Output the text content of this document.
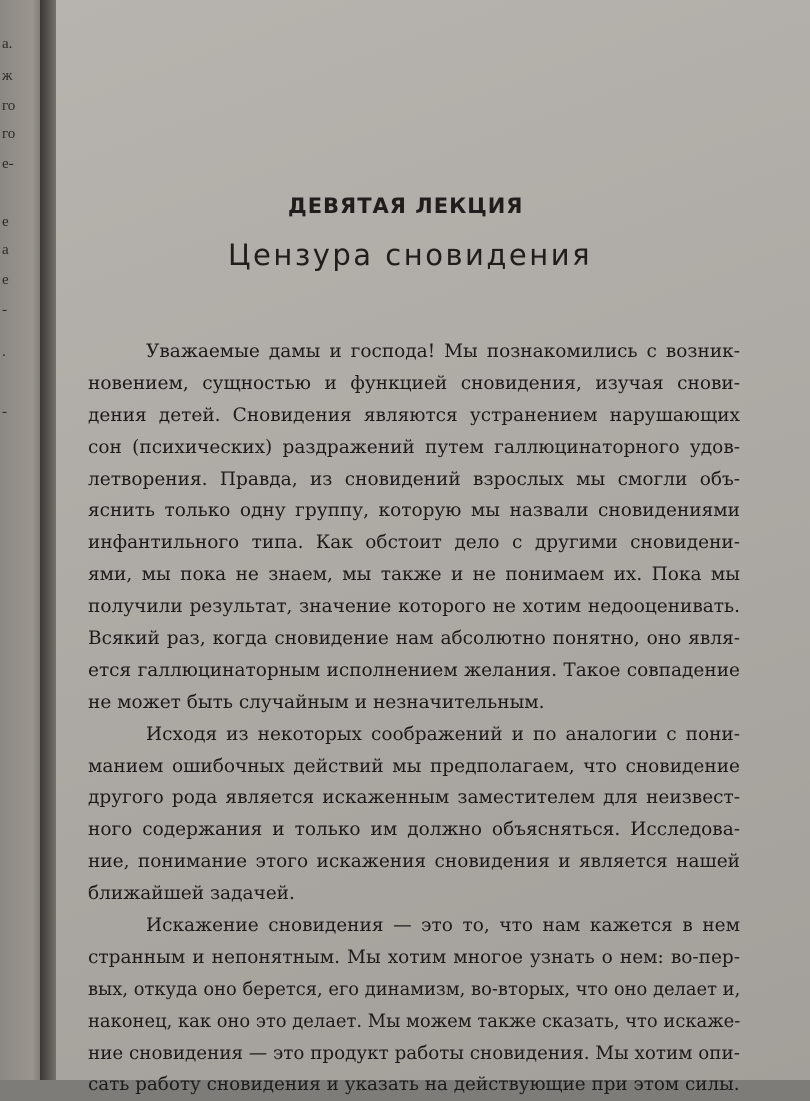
а.
ж
го
го
е-
е
а
е
-
.
-
ДЕВЯТАЯ ЛЕКЦИЯ
Цензура сновидения
Уважаемые дамы и господа! Мы познакомились с возник-
новением, сущностью и функцией сновидения, изучая снови-
дения детей. Сновидения являются устранением нарушающих
сон (психических) раздражений путем галлюцинаторного удов-
летворения. Правда, из сновидений взрослых мы смогли объ-
яснить только одну группу, которую мы назвали сновидениями
инфантильного типа. Как обстоит дело с другими сновидени-
ями, мы пока не знаем, мы также и не понимаем их. Пока мы
получили результат, значение которого не хотим недооценивать.
Всякий раз, когда сновидение нам абсолютно понятно, оно явля-
ется галлюцинаторным исполнением желания. Такое совпадение
не может быть случайным и незначительным.
Исходя из некоторых соображений и по аналогии с пони-
манием ошибочных действий мы предполагаем, что сновидение
другого рода является искаженным заместителем для неизвест-
ного содержания и только им должно объясняться. Исследова-
ние, понимание этого искажения сновидения и является нашей
ближайшей задачей.
Искажение сновидения — это то, что нам кажется в нем
странным и непонятным. Мы хотим многое узнать о нем: во-пер-
вых, откуда оно берется, его динамизм, во-вторых, что оно делает и,
наконец, как оно это делает. Мы можем также сказать, что искаже-
ние сновидения — это продукт работы сновидения. Мы хотим опи-
сать работу сновидения и указать на действующие при этом силы.
